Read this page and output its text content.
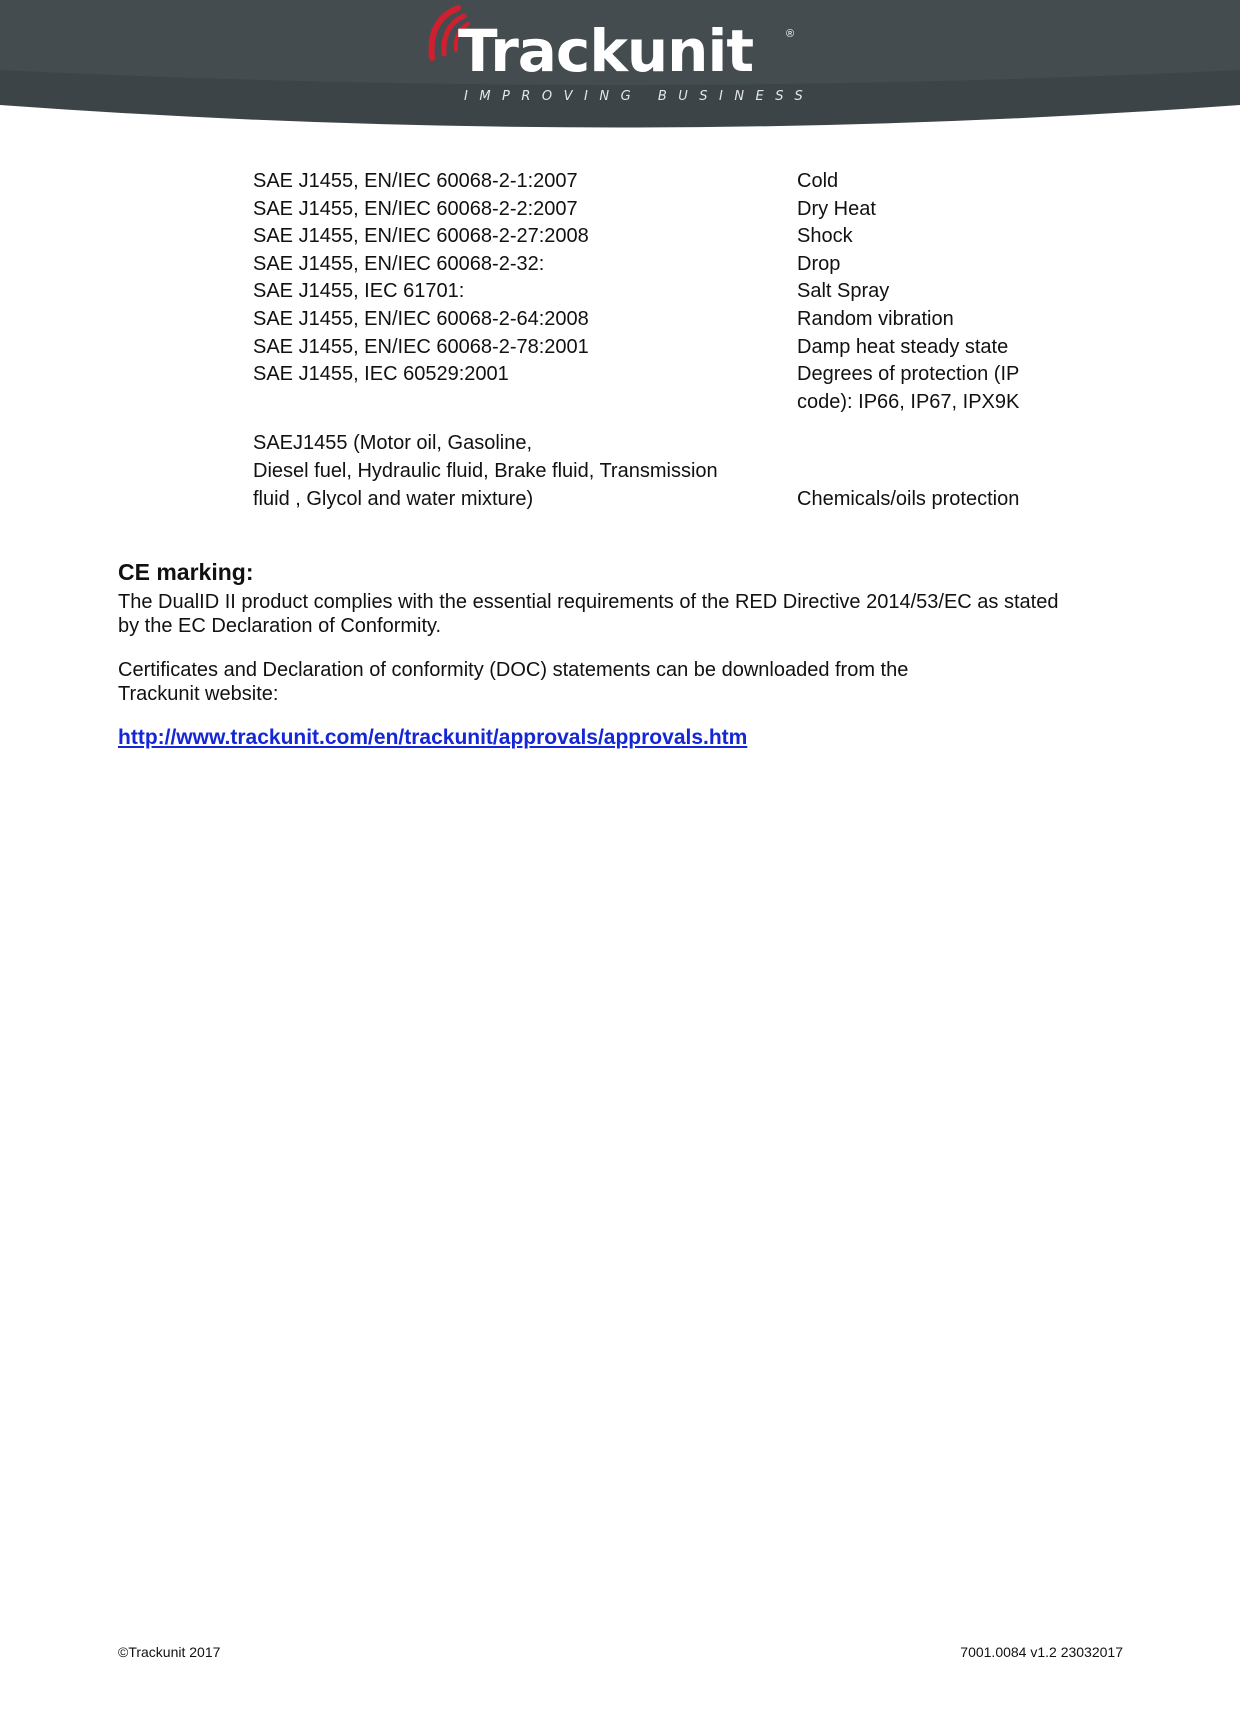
Trackunit	®
IMPROVING BUSINESS
SAE J1455, EN/IEC 60068-2-1:2007	Cold
SAE J1455, EN/IEC 60068-2-2:2007	Dry Heat
SAE J1455, EN/IEC 60068-2-27:2008	Shock
SAE J1455, EN/IEC 60068-2-32:	Drop
SAE J1455, IEC 61701:	Salt Spray
SAE J1455, EN/IEC 60068-2-64:2008	Random vibration
SAE J1455, EN/IEC 60068-2-78:2001	Damp heat steady state
SAE J1455, IEC 60529:2001	Degrees of protection (IP
code): IP66, IP67, IPX9K
SAEJ1455 (Motor oil, Gasoline,
Diesel fuel, Hydraulic fluid, Brake fluid, Transmission
fluid , Glycol and water mixture)	Chemicals/oils protection
CE marking:
The DualID II product complies with the essential requirements of the RED Directive 2014/53/EC as stated
by the EC Declaration of Conformity.
Certificates and Declaration of conformity (DOC) statements can be downloaded from the
Trackunit website:
http://www.trackunit.com/en/trackunit/approvals/approvals.htm
©Trackunit 2017	7001.0084 v1.2 23032017
